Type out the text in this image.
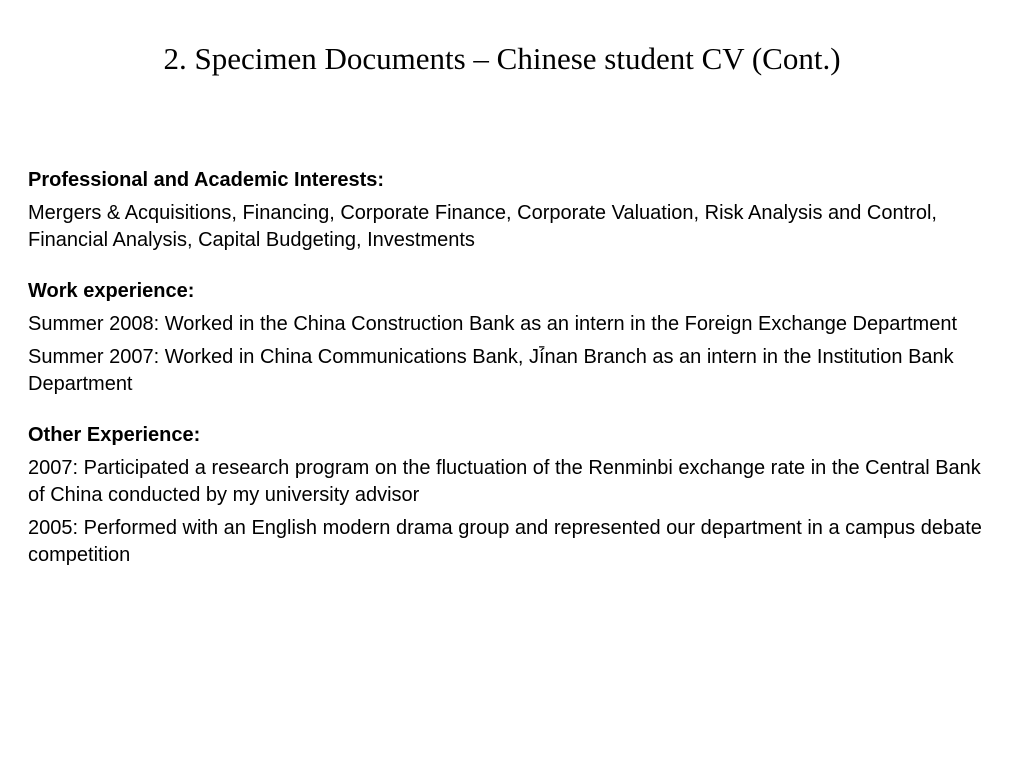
2. Specimen Documents – Chinese student CV (Cont.)
Professional and Academic Interests:
Mergers & Acquisitions, Financing, Corporate Finance, Corporate Valuation, Risk Analysis and Control, Financial Analysis, Capital Budgeting, Investments
Work experience:
Summer 2008: Worked in the China Construction Bank as an intern in the Foreign Exchange Department
Summer 2007: Worked in China Communications Bank, Jí̄nan Branch as an intern in the Institution Bank Department
Other Experience:
2007: Participated a research program on the fluctuation of the Renminbi exchange rate in the Central Bank of China conducted by my university advisor
2005: Performed with an English modern drama group and represented our department in a campus debate competition
